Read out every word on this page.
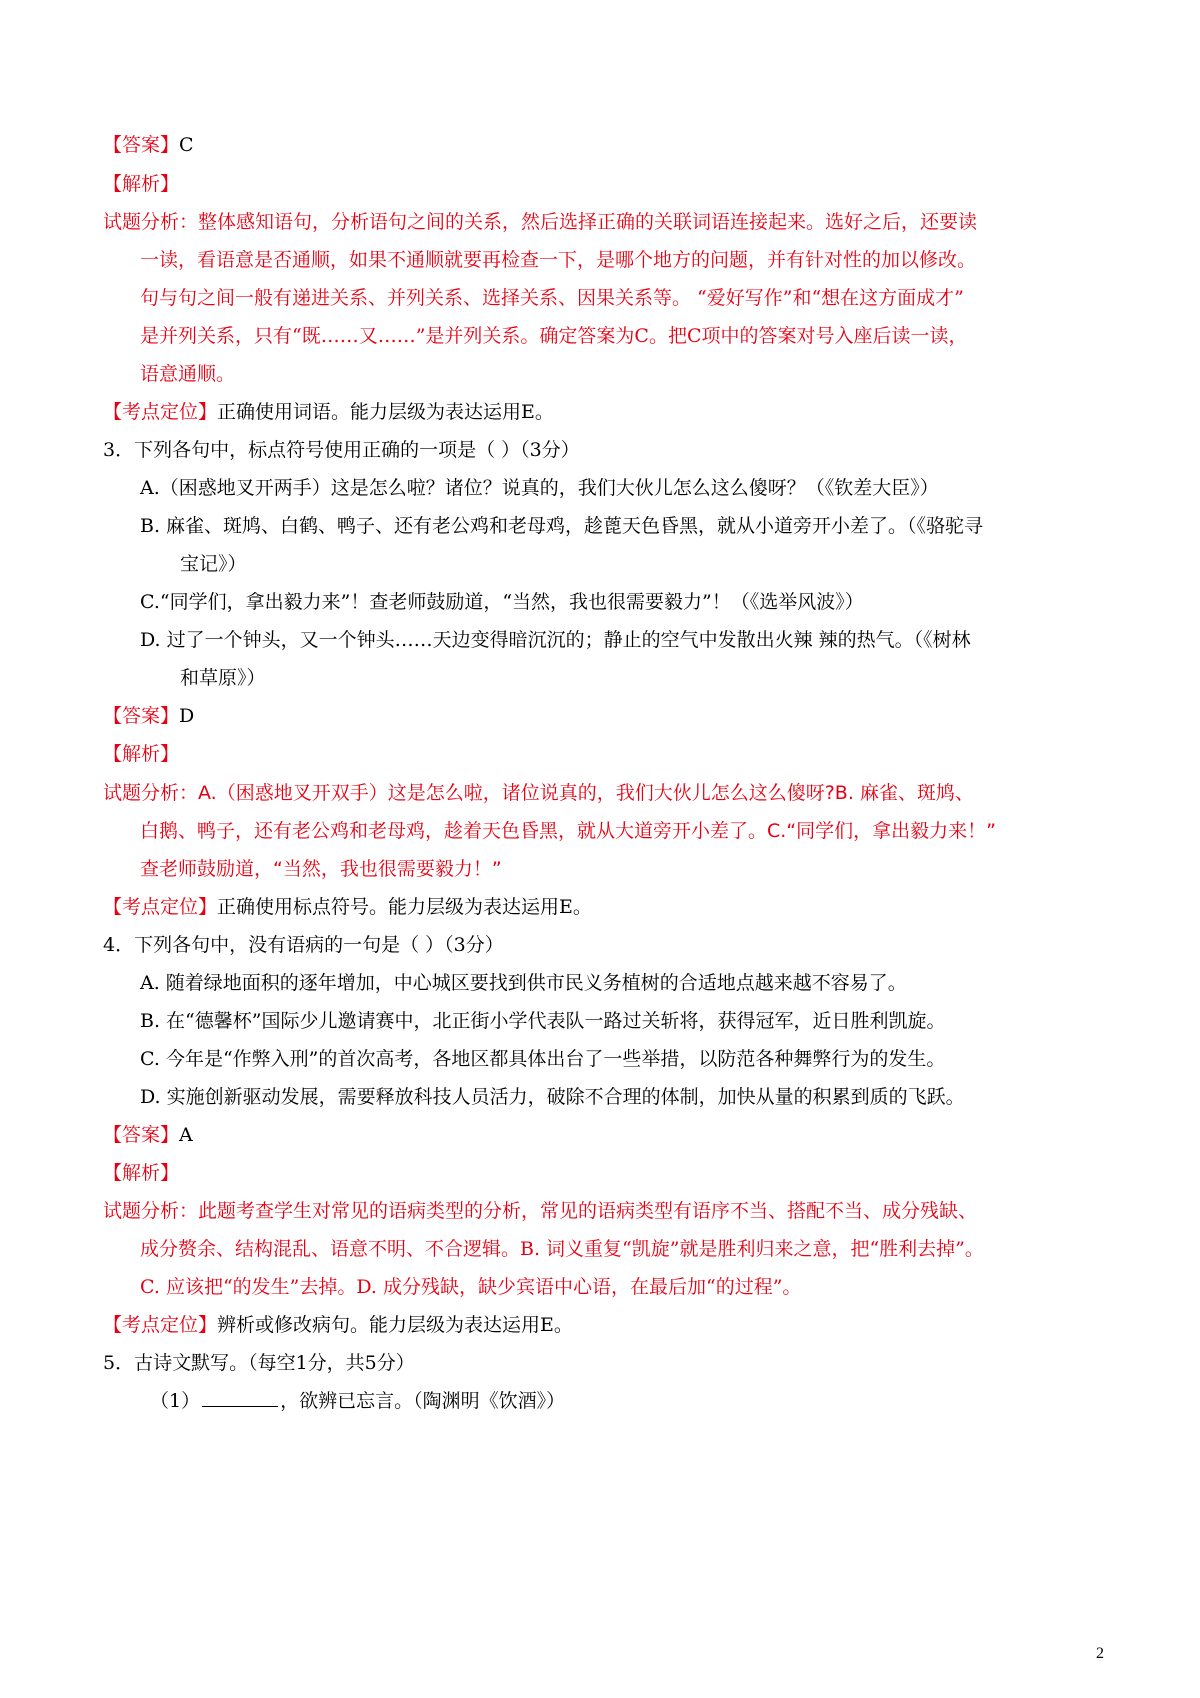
【答案】C
【解析】
试题分析：整体感知语句，分析语句之间的关系，然后选择正确的关联词语连接起来。选好之后，还要读
一读，看语意是否通顺，如果不通顺就要再检查一下，是哪个地方的问题，并有针对性的加以修改。
句与句之间一般有递进关系、并列关系、选择关系、因果关系等。 “爱好写作”和“想在这方面成才”
是并列关系，只有“既……又……”是并列关系。确定答案为C。把C项中的答案对号入座后读一读，
语意通顺。
【考点定位】正确使用词语。能力层级为表达运用E。
3．下列各句中，标点符号使用正确的一项是（ ）（3分）
A.（困惑地叉开两手）这是怎么啦？诸位？说真的，我们大伙儿怎么这么傻呀？（《钦差大臣》）
B. 麻雀、斑鸠、白鹤、鸭子、还有老公鸡和老母鸡，趁蓖天色昏黑，就从小道旁开小差了。（《骆驼寻
宝记》）
C.“同学们，拿出毅力来”！查老师鼓励道，“当然，我也很需要毅力”！（《选举风波》）
D. 过了一个钟头，又一个钟头……天边变得暗沉沉的；静止的空气中发散出火辣 辣的热气。（《树林
和草原》）
【答案】D
【解析】
试题分析：A.（困惑地叉开双手）这是怎么啦，诸位说真的，我们大伙儿怎么这么傻呀?B. 麻雀、斑鸠、
白鹅、鸭子，还有老公鸡和老母鸡，趁着天色昏黑，就从大道旁开小差了。C.“同学们，拿出毅力来！”
查老师鼓励道，“当然，我也很需要毅力！”
【考点定位】正确使用标点符号。能力层级为表达运用E。
4．下列各句中，没有语病的一句是（ ）（3分）
A. 随着绿地面积的逐年增加，中心城区要找到供市民义务植树的合适地点越来越不容易了。
B. 在“德馨杯”国际少儿邀请赛中，北正街小学代表队一路过关斩将，获得冠军，近日胜利凯旋。
C. 今年是“作弊入刑”的首次高考，各地区都具体出台了一些举措，以防范各种舞弊行为的发生。
D. 实施创新驱动发展，需要释放科技人员活力，破除不合理的体制，加快从量的积累到质的飞跃。
【答案】A
【解析】
试题分析：此题考查学生对常见的语病类型的分析，常见的语病类型有语序不当、搭配不当、成分残缺、
成分赘余、结构混乱、语意不明、不合逻辑。B. 词义重复“凯旋”就是胜利归来之意，把“胜利去掉”。
C. 应该把“的发生”去掉。D. 成分残缺，缺少宾语中心语，在最后加“的过程”。
【考点定位】辨析或修改病句。能力层级为表达运用E。
5．古诗文默写。（每空1分，共5分）
（1）	，欲辨已忘言。（陶渊明《饮酒》）
2
